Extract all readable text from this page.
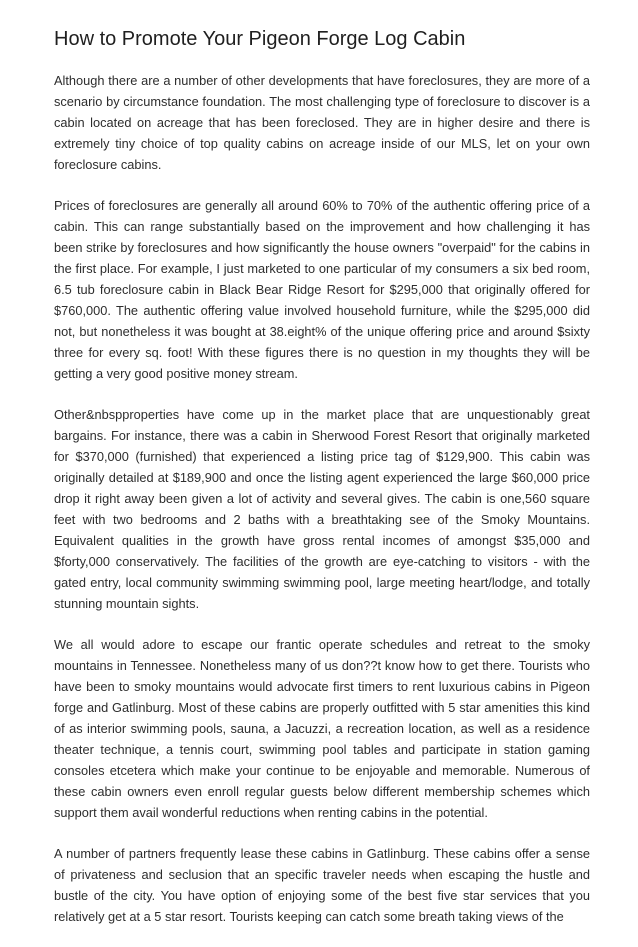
How to Promote Your Pigeon Forge Log Cabin

Although there are a number of other developments that have foreclosures, they are more of a scenario by circumstance foundation. The most challenging type of foreclosure to discover is a cabin located on acreage that has been foreclosed. They are in higher desire and there is extremely tiny choice of top quality cabins on acreage inside of our MLS, let on your own foreclosure cabins.

Prices of foreclosures are generally all around 60% to 70% of the authentic offering price of a cabin. This can range substantially based on the improvement and how challenging it has been strike by foreclosures and how significantly the house owners "overpaid" for the cabins in the first place. For example, I just marketed to one particular of my consumers a six bed room, 6.5 tub foreclosure cabin in Black Bear Ridge Resort for $295,000 that originally offered for $760,000. The authentic offering value involved household furniture, while the $295,000 did not, but nonetheless it was bought at 38.eight% of the unique offering price and around $sixty three for every sq. foot! With these figures there is no question in my thoughts they will be getting a very good positive money stream.

Other&nbspproperties have come up in the market place that are unquestionably great bargains. For instance, there was a cabin in Sherwood Forest Resort that originally marketed for $370,000 (furnished) that experienced a listing price tag of $129,900. This cabin was originally detailed at $189,900 and once the listing agent experienced the large $60,000 price drop it right away been given a lot of activity and several gives. The cabin is one,560 square feet with two bedrooms and 2 baths with a breathtaking see of the Smoky Mountains. Equivalent qualities in the growth have gross rental incomes of amongst $35,000 and $forty,000 conservatively. The facilities of the growth are eye-catching to visitors - with the gated entry, local community swimming swimming pool, large meeting heart/lodge, and totally stunning mountain sights.

We all would adore to escape our frantic operate schedules and retreat to the smoky mountains in Tennessee. Nonetheless many of us don??t know how to get there. Tourists who have been to smoky mountains would advocate first timers to rent luxurious cabins in Pigeon forge and Gatlinburg. Most of these cabins are properly outfitted with 5 star amenities this kind of as interior swimming pools, sauna, a Jacuzzi, a recreation location, as well as a residence theater technique, a tennis court, swimming pool tables and participate in station gaming consoles etcetera which make your continue to be enjoyable and memorable. Numerous of these cabin owners even enroll regular guests below different membership schemes which support them avail wonderful reductions when renting cabins in the potential.

A number of partners frequently lease these cabins in Gatlinburg. These cabins offer a sense of privateness and seclusion that an specific traveler needs when escaping the hustle and bustle of the city. You have option of enjoying some of the best five star services that you relatively get at a 5 star resort. Tourists keeping can catch some breath taking views of the
